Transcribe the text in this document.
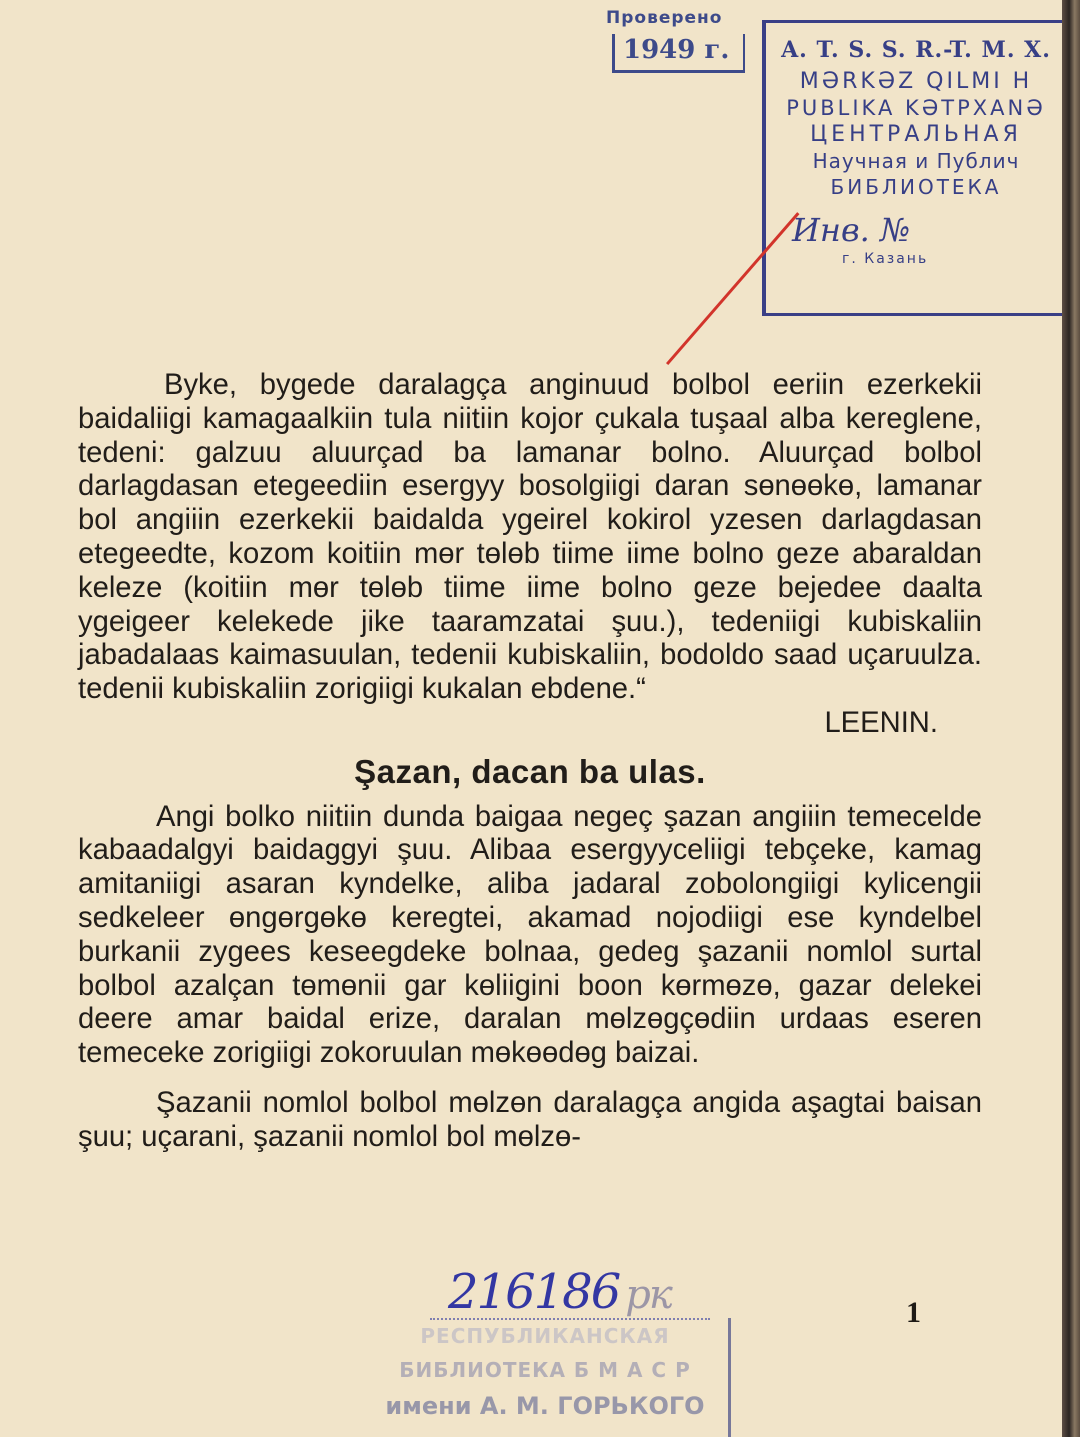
Проверено
1949 г.	A. T. S. S. R.-T. M. X.
MƏRKƏZ QILMI H
PUBLIKA KƏTPXANƏ
ЦЕНТРАЛЬНАЯ
Научная и Публич
БИБЛИОТЕКА
Инв. №
г. Казань

Byke, bygede daralagça anginuud bolbol eeriin ezerkekii baidaliigi kamagaalkiin tula niitiin kojor çukala tuşaal alba kereglene, tedeni: galzuu aluurçad ba lamanar bolno. Aluurçad bolbol darlagdasan etegeediin esergyy bosolgiigi daran sөnөөkө, lamanar bol angiiin ezerkekii baidalda ygeirel kokirol yzesen darlagdasan etegeedte, kozom koitiin mөr tөlөb tiime iime bolno geze abaraldan keleze (koitiin mөr tөlөb tiime iime bolno geze bejedee daalta ygeigeer kelekede jike taaramzatai şuu.), tedeniigi kubiskaliin jabadalaas kaimasuulan, tedenii kubiskaliin, bodoldo saad uçaruulza. tedenii kubiskaliin zorigiigi kukalan ebdene.“

LEENIN.
Şazan, dacan ba ulas.

Angi bolko niitiin dunda baigaa negeç şazan angiiin temecelde kabaadalgyi baidaggyi şuu. Alibaa esergyyceliigi tebçeke, kamag amitaniigi asaran kyndelke, aliba jadaral zobolongiigi kylicengii sedkeleer өngөrgөkө keregtei, akamad nojodiigi ese kyndelbel burkanii zygees keseegdeke bolnaa, gedeg şazanii nomlol surtal bolbol azalçan tөmөnii gar kөliigini boon kөrmөzө, gazar delekei deere amar baidal erize, daralan mөlzөgçөdiin urdaas eseren temeceke zorigiigi zokoruulan mөkөөdөg baizai.

Şazanii nomlol bolbol mөlzөn daralagça angida aşagtai baisan şuu; uçarani, şazanii nomlol bol mөlzө-

216186 рк	1
РЕСПУБЛИКАНСКАЯ
БИБЛИОТЕКА Б М А С Р
имени А. М. ГОРЬКОГО
